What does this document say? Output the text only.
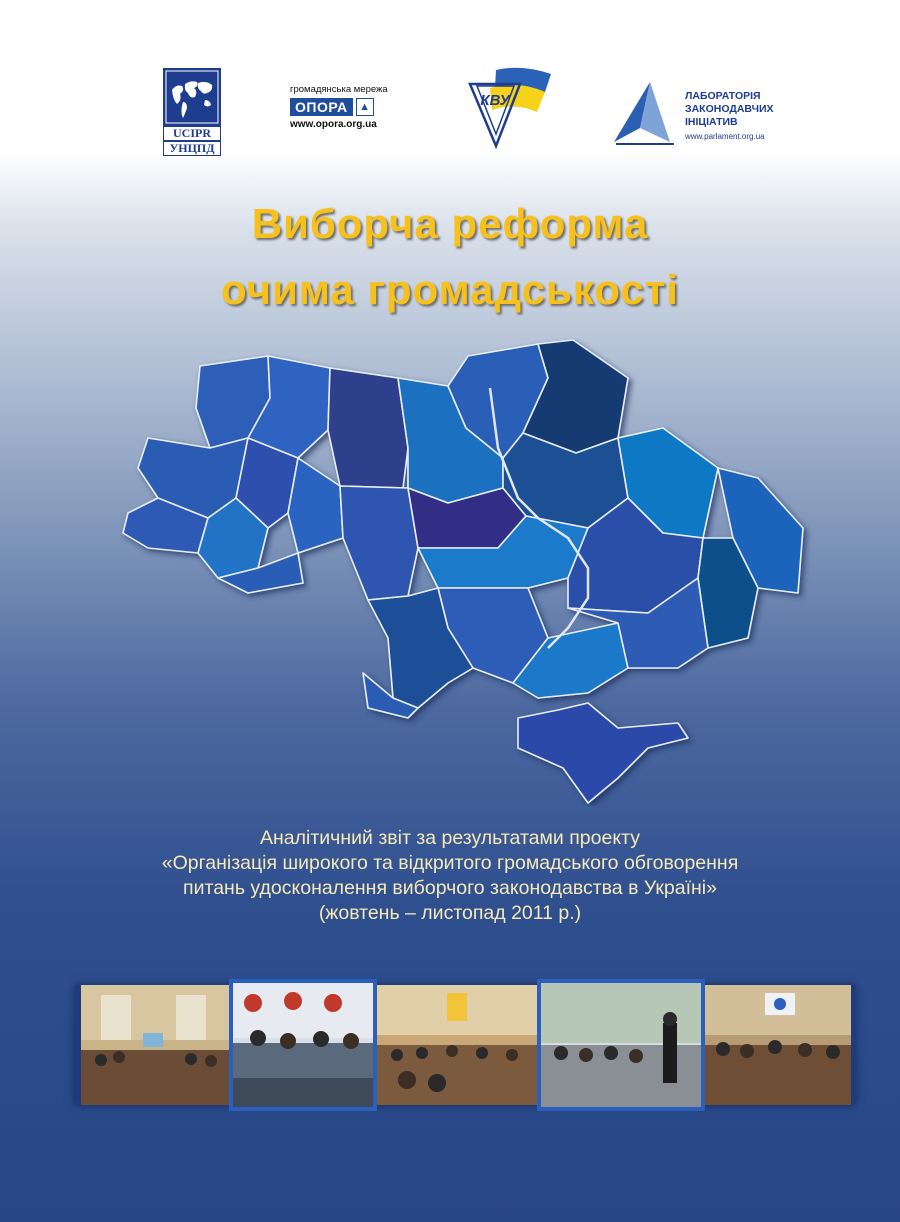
UCIPR
УНЦПД
громадянська мережа
ОПОРА	▲
www.opora.org.ua
КВУ	ЛАБОРАТОРІЯ
ЗАКОНОДАВЧИХ
ІНІЦІАТИВ
www.parlament.org.ua
Виборча реформа
очима громадськості
Аналітичний звіт за результатами проекту
«Організація широкого та відкритого громадського обговорення
питань удосконалення виборчого законодавства в Україні»
(жовтень – листопад 2011 р.)
